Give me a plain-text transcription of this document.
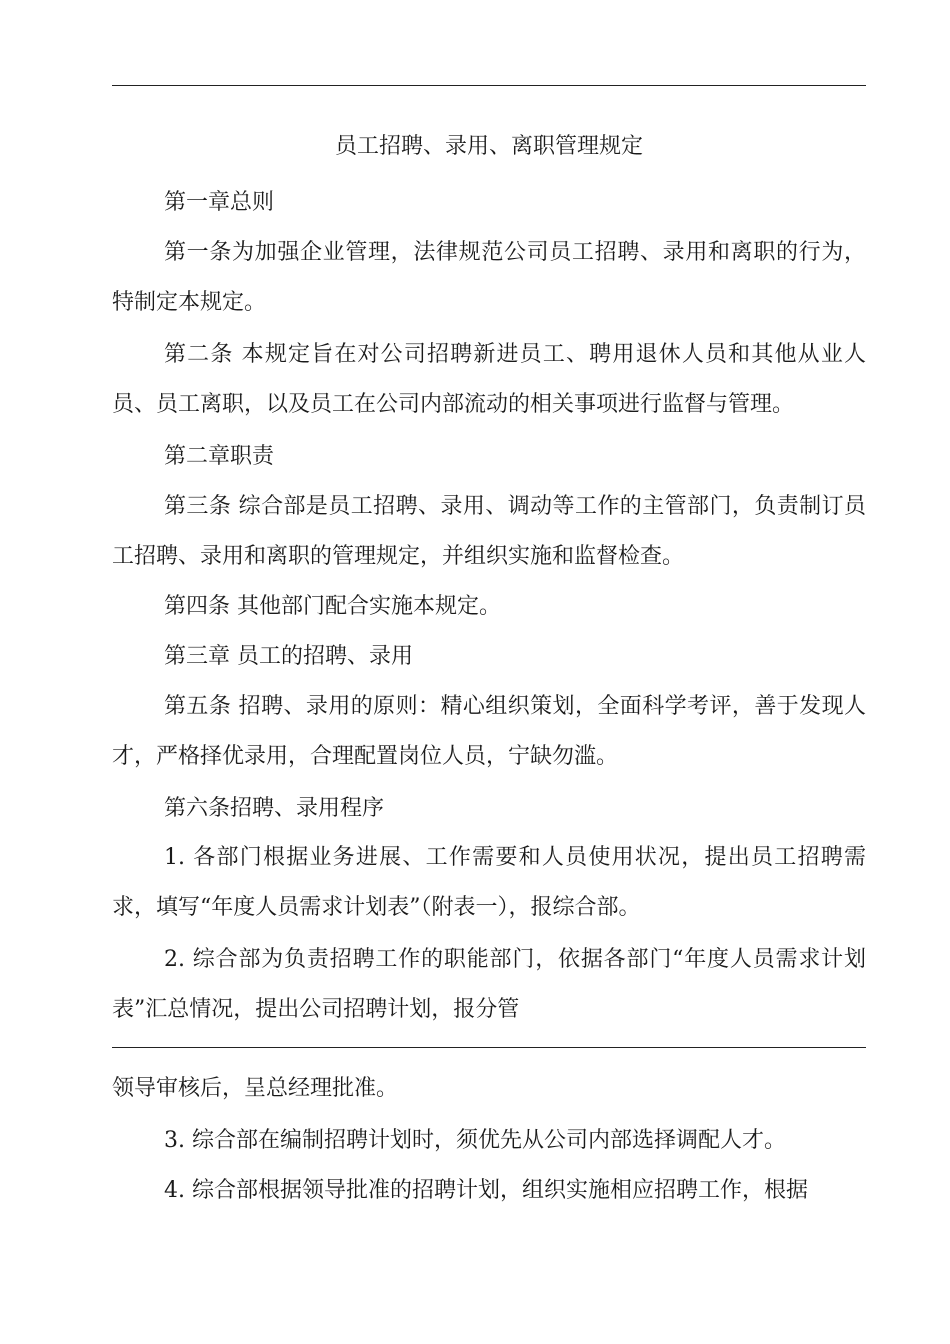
员工招聘、录用、离职管理规定
第一章总则

第一条为加强企业管理，法律规范公司员工招聘、录用和离职的行为，特制定本规定。

第二条 本规定旨在对公司招聘新进员工、聘用退休人员和其他从业人员、员工离职，以及员工在公司内部流动的相关事项进行监督与管理。

第二章职责

第三条 综合部是员工招聘、录用、调动等工作的主管部门，负责制订员工招聘、录用和离职的管理规定，并组织实施和监督检查。

第四条 其他部门配合实施本规定。
第三章 员工的招聘、录用

第五条 招聘、录用的原则：精心组织策划，全面科学考评，善于发现人才，严格择优录用，合理配置岗位人员，宁缺勿滥。

第六条招聘、录用程序

1. 各部门根据业务进展、工作需要和人员使用状况，提出员工招聘需求，填写“年度人员需求计划表”（附表一），报综合部。

2. 综合部为负责招聘工作的职能部门，依据各部门“年度人员需求计划表”汇总情况，提出公司招聘计划，报分管

领导审核后，呈总经理批准。
3. 综合部在编制招聘计划时，须优先从公司内部选择调配人才。
4. 综合部根据领导批准的招聘计划，组织实施相应招聘工作，根据
